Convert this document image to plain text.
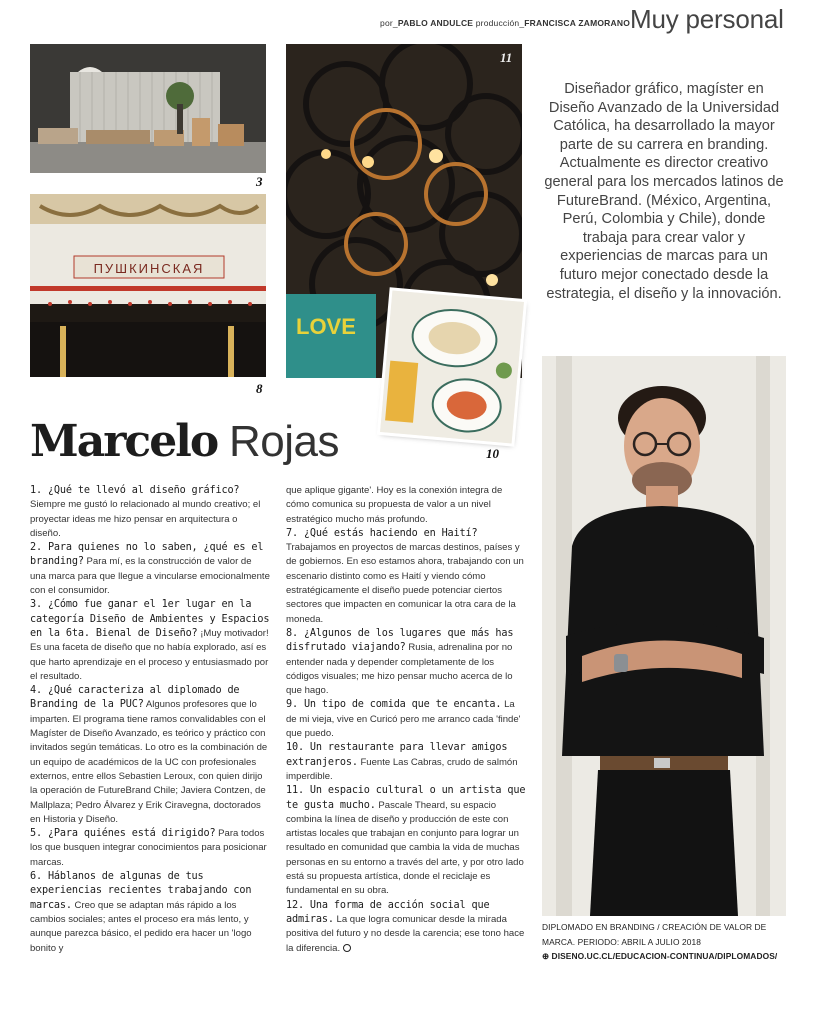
por_PABLO ANDULCE producción_FRANCISCA ZAMORANO Muy personal
3
ПУШКИНСКАЯ
8
LOVE
11
10
Diseñador gráfico, magíster en Diseño Avanzado de la Universidad Católica, ha desarrollado la mayor parte de su carrera en branding. Actualmente es director creativo general para los mercados latinos de FutureBrand. (México, Argentina, Perú, Colombia y Chile), donde trabaja para crear valor y experiencias de marcas para un futuro mejor conectado desde la estrategia, el diseño y la innovación.
Marcelo Rojas
DIPLOMADO EN BRANDING / CREACIÓN DE VALOR DE
MARCA. PERIODO: ABRIL A JULIO 2018
⊕ DISENO.UC.CL/EDUCACION-CONTINUA/DIPLOMADOS/

1. ¿Qué te llevó al diseño gráfico? Siempre me gustó lo relacionado al mundo creativo; el proyectar ideas me hizo pensar en arquitectura o diseño.

2. Para quienes no lo saben, ¿qué es el branding? Para mí, es la construcción de valor de una marca para que llegue a vincularse emocionalmente con el consumidor.

3. ¿Cómo fue ganar el 1er lugar en la categoría Diseño de Ambientes y Espacios en la 6ta. Bienal de Diseño? ¡Muy motivador! Es una faceta de diseño que no había explorado, así es que harto aprendizaje en el proceso y entusiasmado por el resultado.

4. ¿Qué caracteriza al diplomado de Branding de la PUC? Algunos profesores que lo imparten. El programa tiene ramos convalidables con el Magíster de Diseño Avanzado, es teórico y práctico con invitados según temáticas. Lo otro es la combinación de un equipo de académicos de la UC con profesionales externos, entre ellos Sebastien Leroux, con quien dirijo la operación de FutureBrand Chile; Javiera Contzen, de Mallplaza; Pedro Álvarez y Erik Ciravegna, doctorados en Historia y Diseño.

5. ¿Para quiénes está dirigido? Para todos los que busquen integrar conocimientos para posicionar marcas.

6. Háblanos de algunas de tus experiencias recientes trabajando con marcas. Creo que se adaptan más rápido a los cambios sociales; antes el proceso era más lento, y aunque parezca básico, el pedido era hacer un 'logo bonito y

que aplique gigante'. Hoy es la conexión integra de cómo comunica su propuesta de valor a un nivel estratégico mucho más profundo.

7. ¿Qué estás haciendo en Haití? Trabajamos en proyectos de marcas destinos, países y de gobiernos. En eso estamos ahora, trabajando con un escenario distinto como es Haití y viendo cómo estratégicamente el diseño puede potenciar ciertos sectores que impacten en comunicar la otra cara de la moneda.

8. ¿Algunos de los lugares que más has disfrutado viajando? Rusia, adrenalina por no entender nada y depender completamente de los códigos visuales; me hizo pensar mucho acerca de lo que hago.

9. Un tipo de comida que te encanta. La de mi vieja, vive en Curicó pero me arranco cada 'finde' que puedo.

10. Un restaurante para llevar amigos extranjeros. Fuente Las Cabras, crudo de salmón imperdible.

11. Un espacio cultural o un artista que te gusta mucho. Pascale Theard, su espacio combina la línea de diseño y producción de este con artistas locales que trabajan en conjunto para lograr un resultado en comunidad que cambia la vida de muchas personas en su entorno a través del arte, y por otro lado está su propuesta artística, donde el reciclaje es fundamental en su obra.

12. Una forma de acción social que admiras. La que logra comunicar desde la mirada positiva del futuro y no desde la carencia; ese tono hace la diferencia.
